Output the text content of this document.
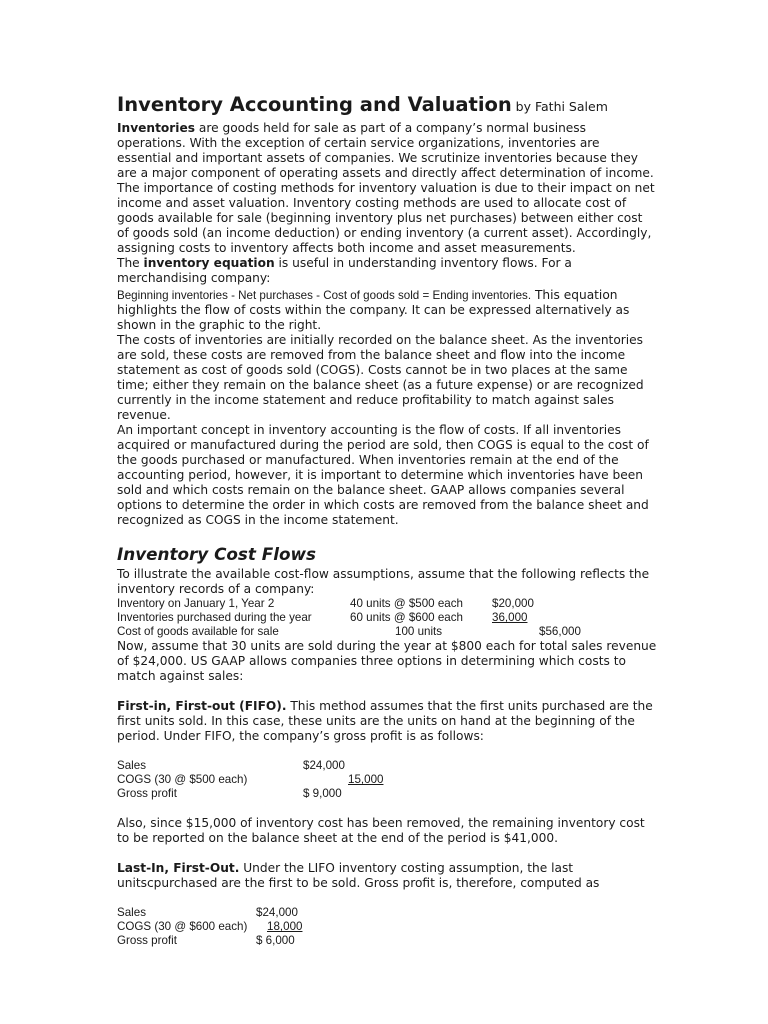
Inventory Accounting and Valuation by Fathi Salem

Inventories are goods held for sale as part of a company’s normal business operations. With the exception of certain service organizations, inventories are essential and important assets of companies. We scrutinize inventories because they are a major component of operating assets and directly affect determination of income. The importance of costing methods for inventory valuation is due to their impact on net income and asset valuation. Inventory costing methods are used to allocate cost of goods available for sale (beginning inventory plus net purchases) between either cost of goods sold (an income deduction) or ending inventory (a current asset). Accordingly, assigning costs to inventory affects both income and asset measurements.

The inventory equation is useful in understanding inventory flows. For a merchandising company:

Beginning inventories - Net purchases - Cost of goods sold = Ending inventories. This equation highlights the flow of costs within the company. It can be expressed alternatively as shown in the graphic to the right.

The costs of inventories are initially recorded on the balance sheet. As the inventories are sold, these costs are removed from the balance sheet and flow into the income statement as cost of goods sold (COGS). Costs cannot be in two places at the same time; either they remain on the balance sheet (as a future expense) or are recognized currently in the income statement and reduce profitability to match against sales revenue.

An important concept in inventory accounting is the flow of costs. If all inventories acquired or manufactured during the period are sold, then COGS is equal to the cost of the goods purchased or manufactured. When inventories remain at the end of the accounting period, however, it is important to determine which inventories have been sold and which costs remain on the balance sheet. GAAP allows companies several options to determine the order in which costs are removed from the balance sheet and recognized as COGS in the income statement.

Inventory Cost Flows

To illustrate the available cost-flow assumptions, assume that the following reflects the inventory records of a company:

Inventory on January 1, Year 2	40 units @ $500 each	$20,000
Inventories purchased during the year	60 units @ $600 each	36,000
Cost of goods available for sale	100 units	$56,000

Now, assume that 30 units are sold during the year at $800 each for total sales revenue of $24,000. US GAAP allows companies three options in determining which costs to match against sales:

First-in, First-out (FIFO). This method assumes that the first units purchased are the first units sold. In this case, these units are the units on hand at the beginning of the period. Under FIFO, the company’s gross profit is as follows:

Sales	$24,000
COGS (30 @ $500 each)	15,000
Gross profit	$ 9,000

Also, since $15,000 of inventory cost has been removed, the remaining inventory cost to be reported on the balance sheet at the end of the period is $41,000.

Last-In, First-Out. Under the LIFO inventory costing assumption, the last unitscpurchased are the first to be sold. Gross profit is, therefore, computed as

Sales	$24,000
COGS (30 @ $600 each) 18,000
Gross profit	$ 6,000
